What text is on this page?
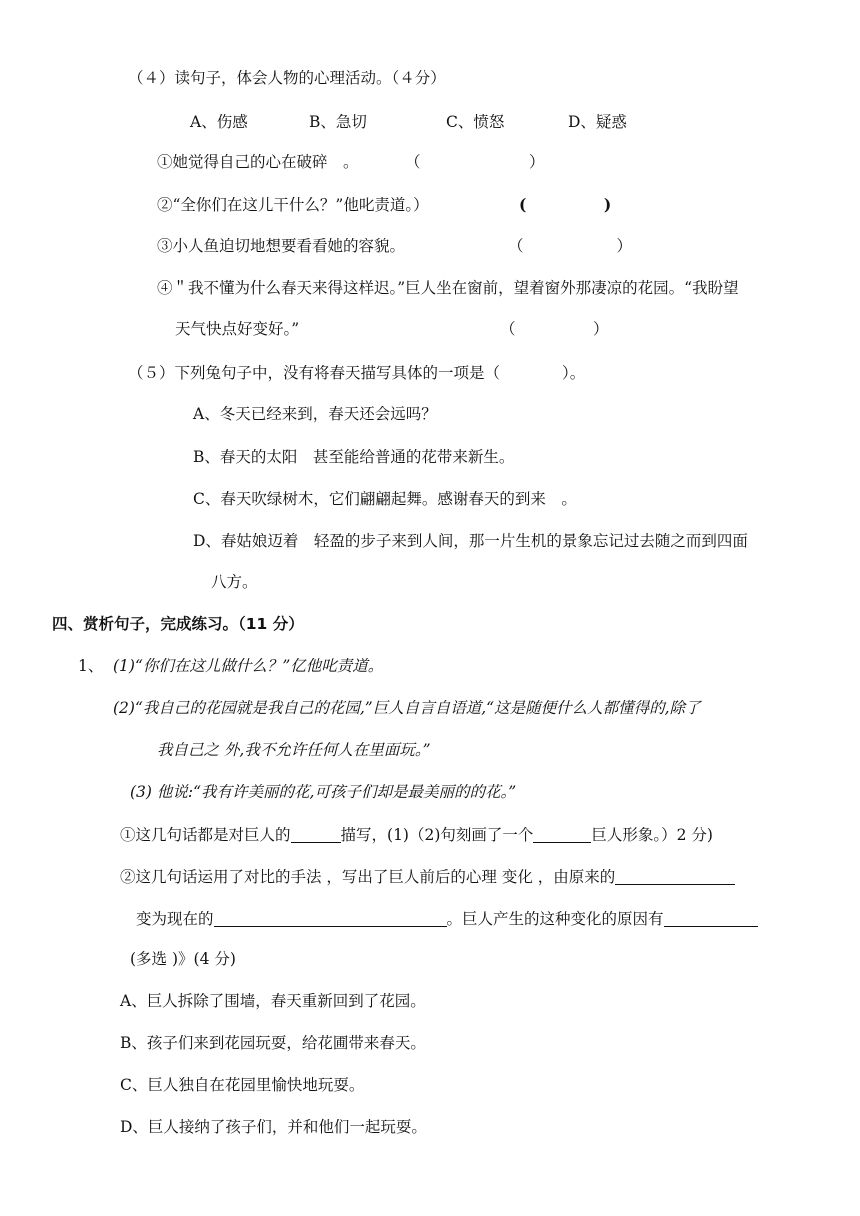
（４）读句子，体会人物的心理活动。（４分）
A、伤感	B、急切	C、愤怒	D、疑惑
①她觉得自己的心在破碎　。	（　　　　　　　）
②“全你们在这儿干什么？”他叱责道。）	(　　　　　)
③小人鱼迫切地想要看看她的容貌。	（　　　　　　）
④＂我不懂为什么春天来得这样迟。”巨人坐在窗前，望着窗外那凄凉的花园。“我盼望
天气快点好变好。”	（　　　　　）
（５）下列兔句子中，没有将春天描写具体的一项是（　　　　）。
A、冬天已经来到，春天还会远吗？
B、春天的太阳　甚至能给普通的花带来新生。
C、春天吹绿树木，它们翩翩起舞。感谢春天的到来　。
D、春姑娘迈着　轻盈的步子来到人间，那一片生机的景象忘记过去随之而到四面
八方。
四、赏析句子，完成练习。（11 分）
1、 (1)“你们在这儿做什么？”亿他叱责道。
(2)“我自己的花园就是我自己的花园,”巨人自言自语道,“这是随便什么人都懂得的,除了
我自己之 外,我不允许任何人在里面玩。”
(3) 他说:“我有许美丽的花,可孩子们却是最美丽的的花。”
①这几句话都是对巨人的	描写，(1)（2)句刻画了一个	巨人形象。）2 分)
②这几句话运用了对比的手法 ，写出了巨人前后的心理 变化 ，由原来的
变为现在的	。巨人产生的这种变化的原因有
(多选 )》(4 分)
A、巨人拆除了围墙，春天重新回到了花园。
B、孩子们来到花园玩耍，给花圃带来春天。
C、巨人独自在花园里愉快地玩耍。
D、巨人接纳了孩子们，并和他们一起玩耍。
